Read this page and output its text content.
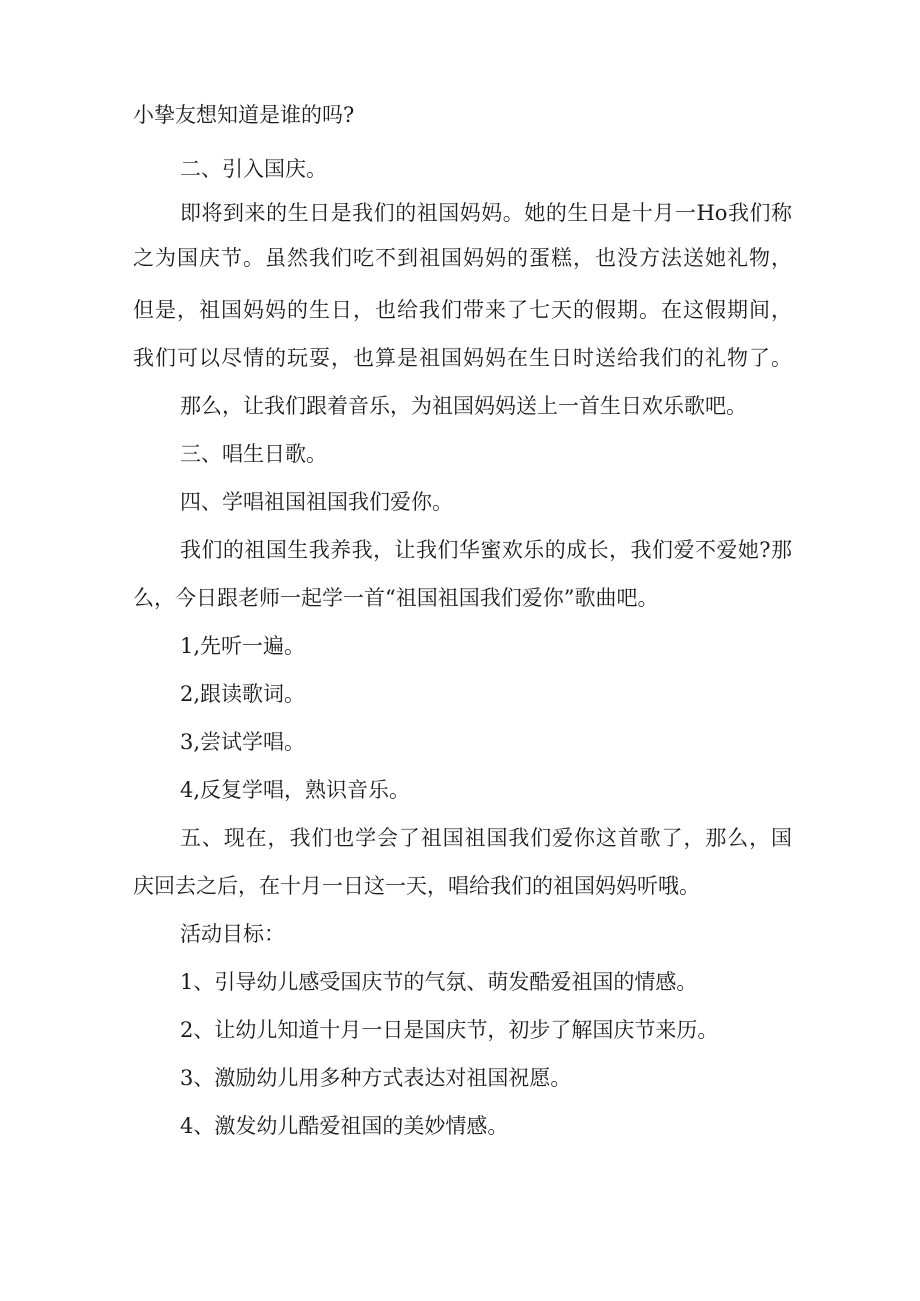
小挚友想知道是谁的吗?

二、引入国庆。

即将到来的生日是我们的祖国妈妈。她的生日是十月一Ho我们称

之为国庆节。虽然我们吃不到祖国妈妈的蛋糕，也没方法送她礼物，

但是，祖国妈妈的生日，也给我们带来了七天的假期。在这假期间，

我们可以尽情的玩耍，也算是祖国妈妈在生日时送给我们的礼物了。

那么，让我们跟着音乐，为祖国妈妈送上一首生日欢乐歌吧。

三、唱生日歌。

四、学唱祖国祖国我们爱你。

我们的祖国生我养我，让我们华蜜欢乐的成长，我们爱不爱她?那

么，今日跟老师一起学一首“祖国祖国我们爱你”歌曲吧。

1,先听一遍。

2,跟读歌词。

3,尝试学唱。

4,反复学唱，熟识音乐。

五、现在，我们也学会了祖国祖国我们爱你这首歌了，那么，国

庆回去之后，在十月一日这一天，唱给我们的祖国妈妈听哦。

活动目标：

1、引导幼儿感受国庆节的气氛、萌发酷爱祖国的情感。

2、让幼儿知道十月一日是国庆节，初步了解国庆节来历。

3、激励幼儿用多种方式表达对祖国祝愿。

4、激发幼儿酷爱祖国的美妙情感。
